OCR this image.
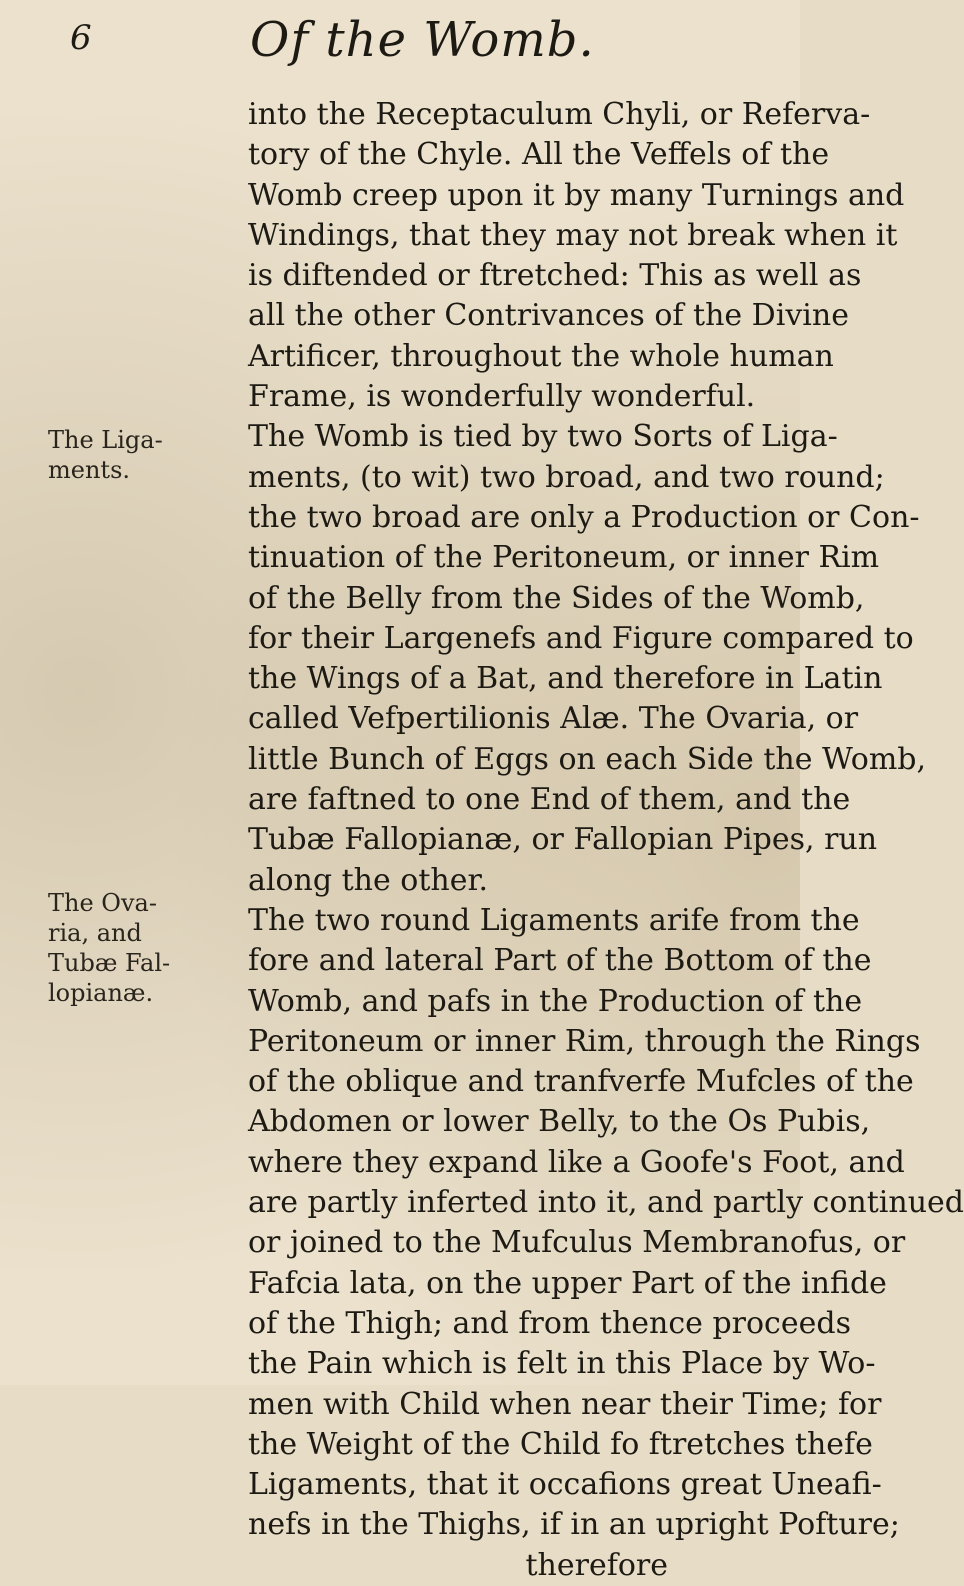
6	Of the Womb.
The Liga-
ments.
The Ova-
ria, and
Tubæ Fal-
lopianæ.
into the Receptaculum Chyli, or Referva-
tory of the Chyle. All the Veffels of the
Womb creep upon it by many Turnings and
Windings, that they may not break when it
is diftended or ftretched: This as well as
all the other Contrivances of the Divine
Artificer, throughout the whole human
Frame, is wonderfully wonderful.
The Womb is tied by two Sorts of Liga-
ments, (to wit) two broad, and two round;
the two broad are only a Production or Con-
tinuation of the Peritoneum, or inner Rim
of the Belly from the Sides of the Womb,
for their Largenefs and Figure compared to
the Wings of a Bat, and therefore in Latin
called Vefpertilionis Alæ. The Ovaria, or
little Bunch of Eggs on each Side the Womb,
are faftned to one End of them, and the
Tubæ Fallopianæ, or Fallopian Pipes, run
along the other.
The two round Ligaments arife from the
fore and lateral Part of the Bottom of the
Womb, and pafs in the Production of the
Peritoneum or inner Rim, through the Rings
of the oblique and tranfverfe Mufcles of the
Abdomen or lower Belly, to the Os Pubis,
where they expand like a Goofe's Foot, and
are partly inferted into it, and partly continued
or joined to the Mufculus Membranofus, or
Fafcia lata, on the upper Part of the infide
of the Thigh; and from thence proceeds
the Pain which is felt in this Place by Wo-
men with Child when near their Time; for
the Weight of the Child fo ftretches thefe
Ligaments, that it occafions great Uneafi-
nefs in the Thighs, if in an upright Pofture;
therefore
